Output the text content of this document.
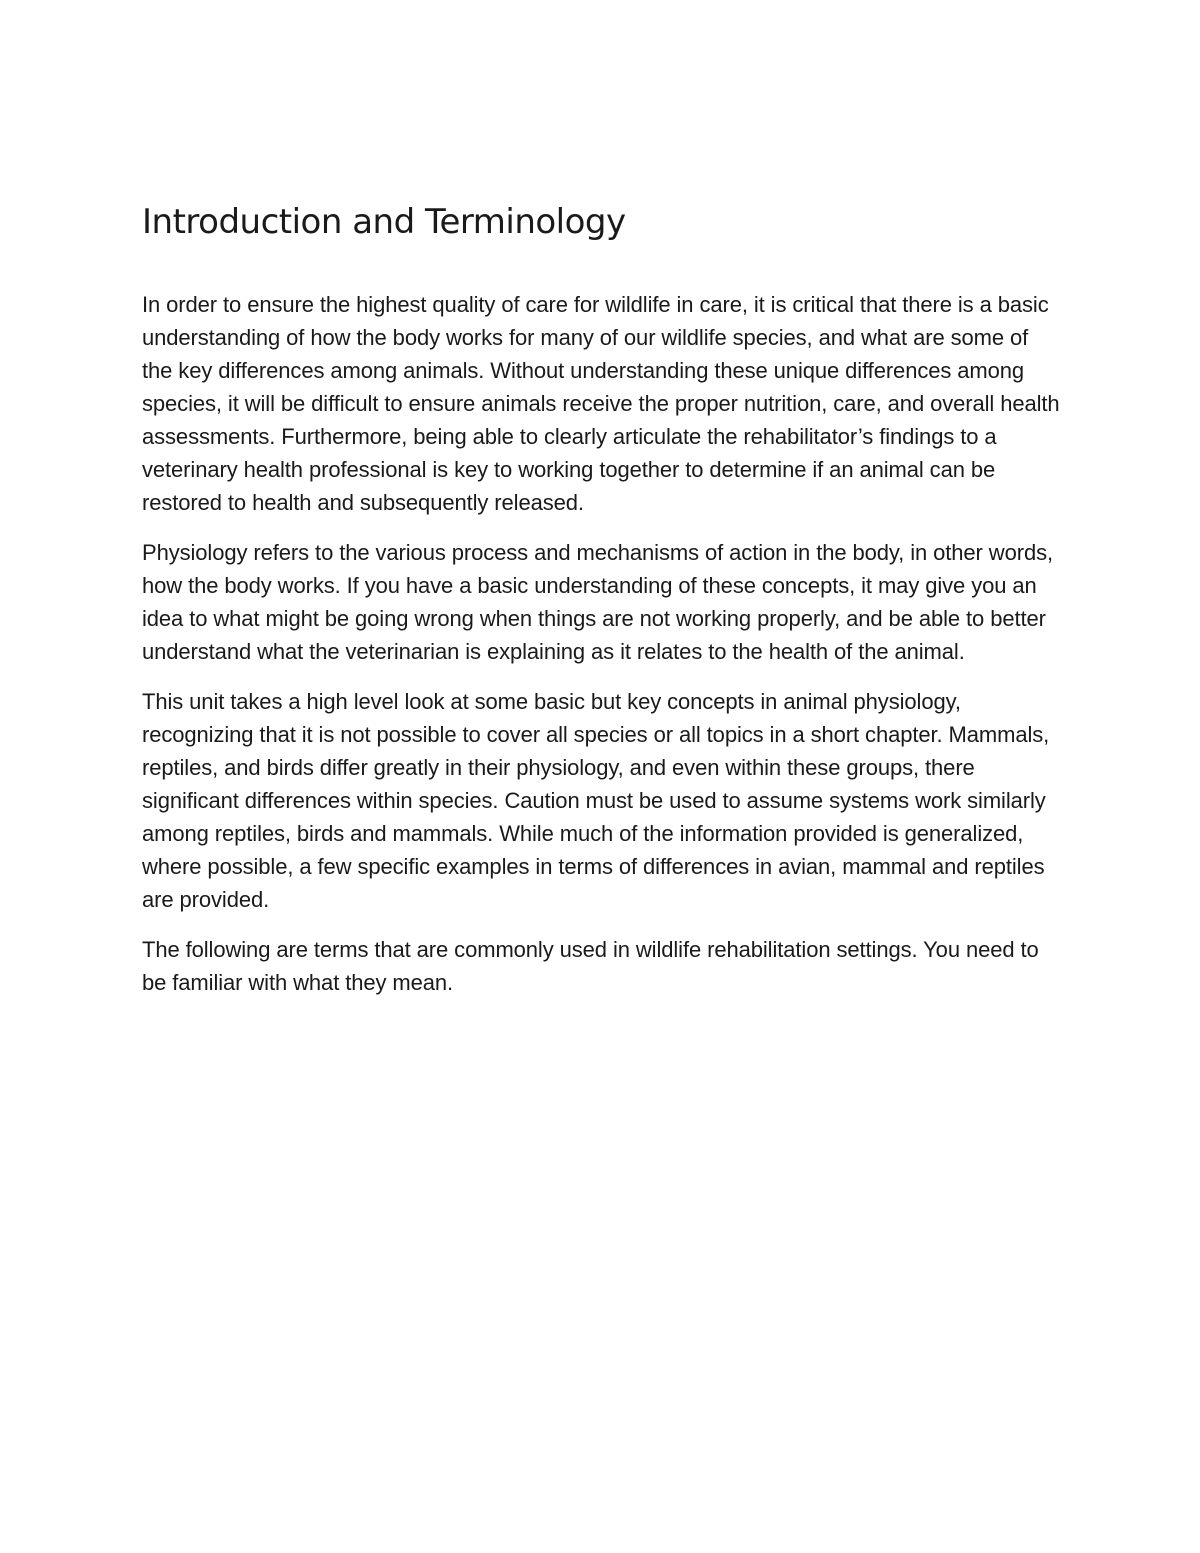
Introduction and Terminology

In order to ensure the highest quality of care for wildlife in care, it is critical that there is a basic understanding of how the body works for many of our wildlife species, and what are some of the key differences among animals. Without understanding these unique differences among species, it will be difficult to ensure animals receive the proper nutrition, care, and overall health assessments. Furthermore, being able to clearly articulate the rehabilitator’s findings to a veterinary health professional is key to working together to determine if an animal can be restored to health and subsequently released.

Physiology refers to the various process and mechanisms of action in the body, in other words, how the body works. If you have a basic understanding of these concepts, it may give you an idea to what might be going wrong when things are not working properly, and be able to better understand what the veterinarian is explaining as it relates to the health of the animal.

This unit takes a high level look at some basic but key concepts in animal physiology, recognizing that it is not possible to cover all species or all topics in a short chapter. Mammals, reptiles, and birds differ greatly in their physiology, and even within these groups, there significant differences within species. Caution must be used to assume systems work similarly among reptiles, birds and mammals. While much of the information provided is generalized, where possible, a few specific examples in terms of differences in avian, mammal and reptiles are provided.

The following are terms that are commonly used in wildlife rehabilitation settings. You need to be familiar with what they mean.
